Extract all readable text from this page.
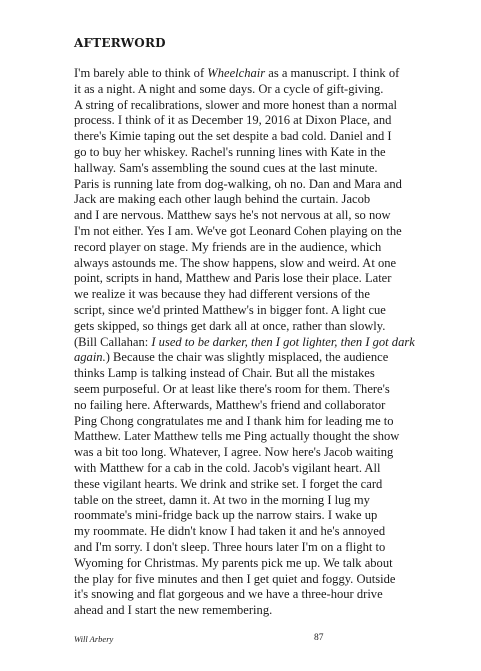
AFTERWORD
I'm barely able to think of Wheelchair as a manuscript. I think of
it as a night. A night and some days. Or a cycle of gift-giving.
A string of recalibrations, slower and more honest than a normal
process. I think of it as December 19, 2016 at Dixon Place, and
there's Kimie taping out the set despite a bad cold. Daniel and I
go to buy her whiskey. Rachel's running lines with Kate in the
hallway. Sam's assembling the sound cues at the last minute.
Paris is running late from dog-walking, oh no. Dan and Mara and
Jack are making each other laugh behind the curtain. Jacob
and I are nervous. Matthew says he's not nervous at all, so now
I'm not either. Yes I am. We've got Leonard Cohen playing on the
record player on stage. My friends are in the audience, which
always astounds me. The show happens, slow and weird. At one
point, scripts in hand, Matthew and Paris lose their place. Later
we realize it was because they had different versions of the
script, since we'd printed Matthew's in bigger font. A light cue
gets skipped, so things get dark all at once, rather than slowly.
(Bill Callahan: I used to be darker, then I got lighter, then I got dark
again.) Because the chair was slightly misplaced, the audience
thinks Lamp is talking instead of Chair. But all the mistakes
seem purposeful. Or at least like there's room for them. There's
no failing here. Afterwards, Matthew's friend and collaborator
Ping Chong congratulates me and I thank him for leading me to
Matthew. Later Matthew tells me Ping actually thought the show
was a bit too long. Whatever, I agree. Now here's Jacob waiting
with Matthew for a cab in the cold. Jacob's vigilant heart. All
these vigilant hearts. We drink and strike set. I forget the card
table on the street, damn it. At two in the morning I lug my
roommate's mini-fridge back up the narrow stairs. I wake up
my roommate. He didn't know I had taken it and he's annoyed
and I'm sorry. I don't sleep. Three hours later I'm on a flight to
Wyoming for Christmas. My parents pick me up. We talk about
the play for five minutes and then I get quiet and foggy. Outside
it's snowing and flat gorgeous and we have a three-hour drive
ahead and I start the new remembering.
Will Arbery	87
